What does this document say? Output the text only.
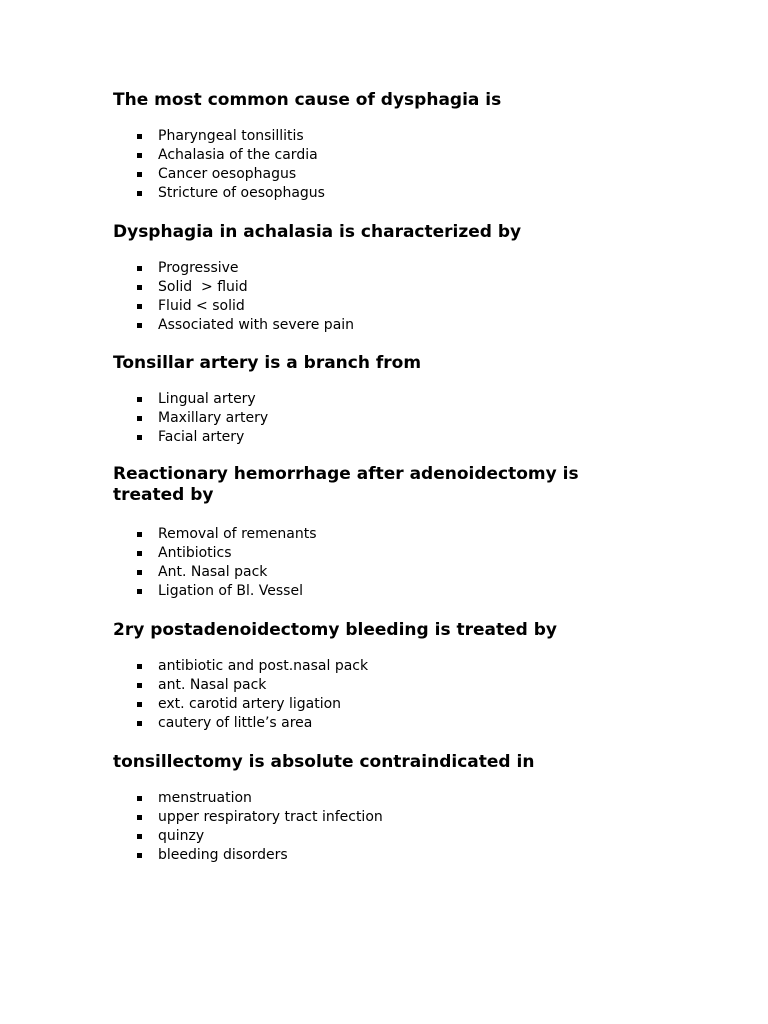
The most common cause of dysphagia is
Pharyngeal tonsillitis
Achalasia of the cardia
Cancer oesophagus
Stricture of oesophagus
Dysphagia in achalasia is characterized by
Progressive
Solid  > fluid
Fluid < solid
Associated with severe pain
Tonsillar artery is a branch from
Lingual artery
Maxillary artery
Facial artery
Reactionary hemorrhage after adenoidectomy is treated by
Removal of remenants
Antibiotics
Ant. Nasal pack
Ligation of Bl. Vessel
2ry postadenoidectomy bleeding is treated by
antibiotic and post.nasal pack
ant. Nasal pack
ext. carotid artery ligation
cautery of little’s area
tonsillectomy is absolute contraindicated in
menstruation
upper respiratory tract infection
quinzy
bleeding disorders
